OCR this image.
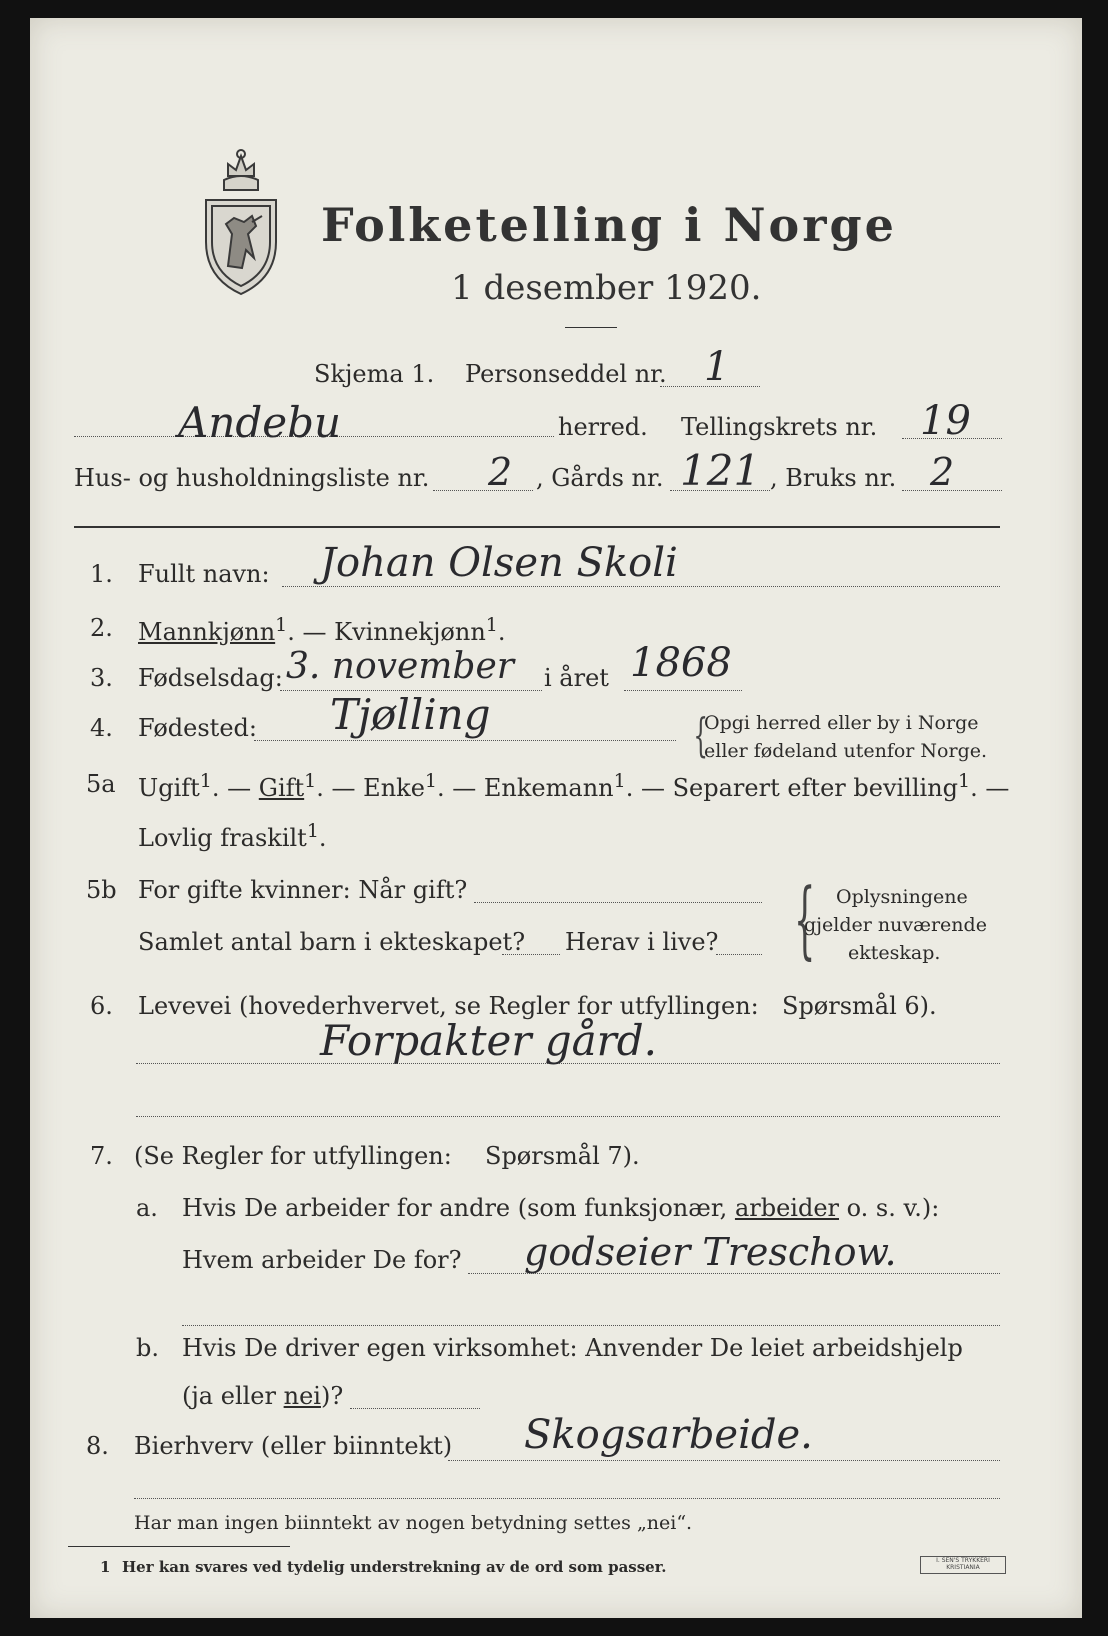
Folketelling i Norge
1 desember 1920.
Skjema 1. Personseddel nr. 1
Andebu	herred. Tellingskrets nr. 19
Hus- og husholdningsliste nr. 2 , Gårds nr. 121 , Bruks nr. 2
1. Fullt navn: Johan Olsen Skoli
2. Mannkjønn$^1$. — Kvinnekjønn$^1$.
3. Fødselsdag: 3. november i året 1868
4. Fødested: Tjølling	{
Opgi herred eller by i Norge
eller fødeland utenfor Norge.
5a Ugift$^1$. — Gift$^1$. — Enke$^1$. — Enkemann$^1$. — Separert efter bevilling$^1$. —
Lovlig fraskilt$^1$.
5b For gifte kvinner: Når gift?
Samlet antal barn i ekteskapet? Herav i live? { Oplysningene
gjelder nuværende
ekteskap.
6. Levevei (hovederhvervet, se Regler for utfyllingen: Spørsmål 6).
Forpakter gård.
7. (Se Regler for utfyllingen: Spørsmål 7).
a. Hvis De arbeider for andre (som funksjonær, arbeider o. s. v.):
Hvem arbeider De for? godseier Treschow.
b. Hvis De driver egen virksomhet: Anvender De leiet arbeidshjelp
(ja eller nei)?
8. Bierhverv (eller biinntekt) Skogsarbeide.
Har man ingen biinntekt av nogen betydning settes „nei“.
1 Her kan svares ved tydelig understrekning av de ord som passer.	I. SEN'S TRYKKERI KRISTIANIA
